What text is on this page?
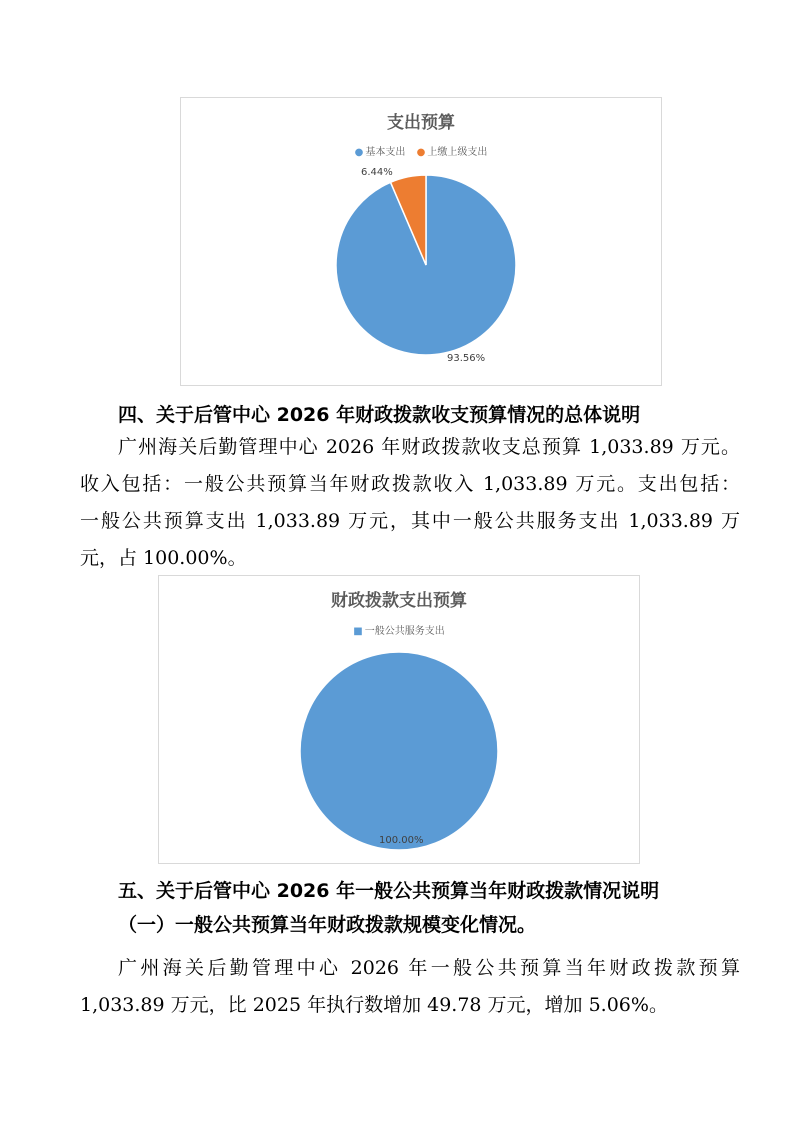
支出预算
● 基本支出 ● 上缴上级支出
6.44%
93.56%
四、关于后管中心 2026 年财政拨款收支预算情况的总体说明
广州海关后勤管理中心 2026 年财政拨款收支总预算 1,033.89 万元。
收入包括：一般公共预算当年财政拨款收入 1,033.89 万元。支出包括：
一般公共预算支出 1,033.89 万元，其中一般公共服务支出 1,033.89 万
元，占 100.00%。
财政拨款支出预算
■ 一般公共服务支出
100.00%
五、关于后管中心 2026 年一般公共预算当年财政拨款情况说明
（一）一般公共预算当年财政拨款规模变化情况。
广州海关后勤管理中心 2026 年一般公共预算当年财政拨款预算
1,033.89 万元，比 2025 年执行数增加 49.78 万元，增加 5.06%。
